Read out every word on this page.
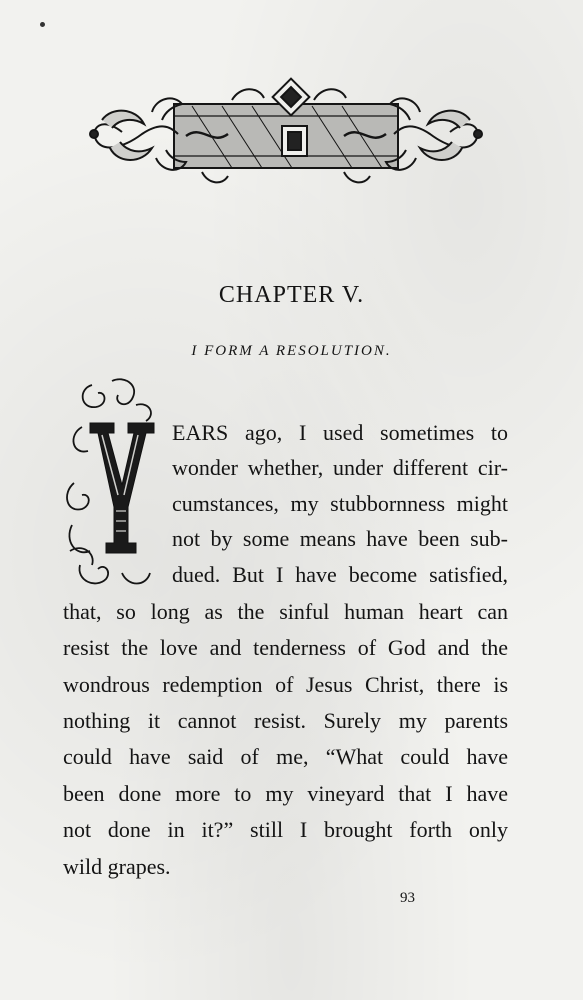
CHAPTER V.
I FORM A RESOLUTION.
EARS ago, I used sometimes to
wonder whether, under different cir-
cumstances, my stubbornness might
not by some means have been sub-
dued. But I have become satisfied,
that, so long as the sinful human heart can
resist the love and tenderness of God and the
wondrous redemption of Jesus Christ, there is
nothing it cannot resist. Surely my parents
could have said of me, “What could have
been done more to my vineyard that I have
not done in it?” still I brought forth only
wild grapes.
93
